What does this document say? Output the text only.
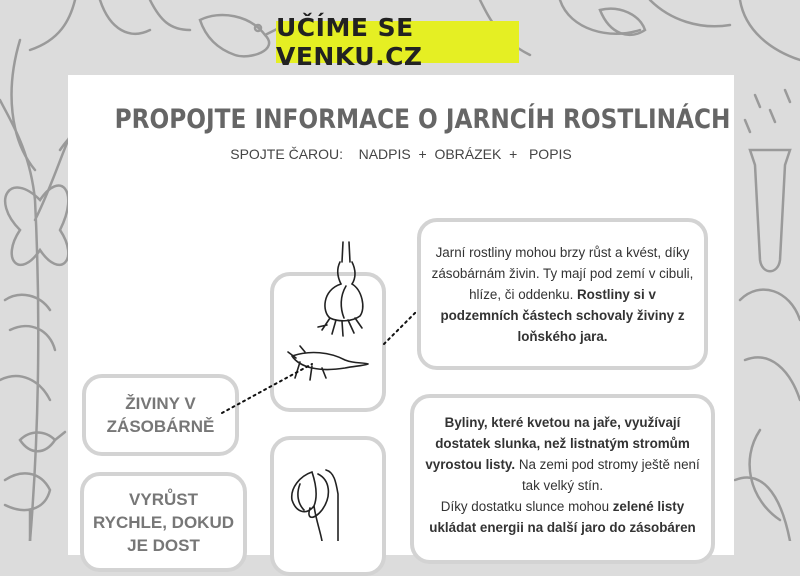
UČÍME SE VENKU.CZ
PROPOJTE INFORMACE O JARNCÍH ROSTLINÁCH
SPOJTE ČAROU:    NADPIS  +  OBRÁZEK  +   POPIS
ŽIVINY V ZÁSOBÁRNĚ
VYRŮST RYCHLE, DOKUD JE DOST
Jarní rostliny mohou brzy růst a kvést, díky zásobárnám živin. Ty mají pod zemí v cibuli, hlíze, či oddenku. Rostliny si v podzemních částech schovaly živiny z loňského jara.
Byliny, které kvetou na jaře, využívají dostatek slunka, než listnatým stromům vyrostou listy. Na zemi pod stromy ještě není tak velký stín.
Díky dostatku slunce mohou zelené listy ukládat energii na další jaro do zásobáren
